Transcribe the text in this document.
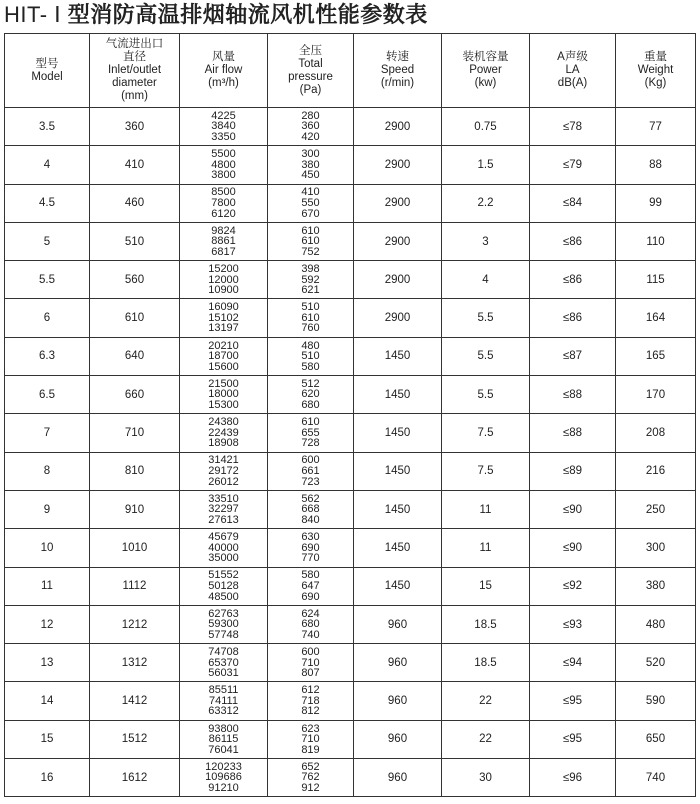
HIT- Ⅰ 型消防高温排烟轴流风机性能参数表
型号
Model	气流进出口
直径
Inlet/outlet
diameter
(mm)	风量
Air flow
(m³/h)	全压
Total
pressure
(Pa)	转速
Speed
(r/min)	装机容量
Power
(kw)	A声级
LA
dB(A)	重量
Weight
(Kg)

3.5	360	4225
3840
3350	280
360
420	2900	0.75	≤78	77
4	410	5500
4800
3800	300
380
450	2900	1.5	≤79	88
4.5	460	8500
7800
6120	410
550
670	2900	2.2	≤84	99
5	510	9824
8861
6817	610
610
752	2900	3	≤86	110
5.5	560	15200
12000
10900	398
592
621	2900	4	≤86	115
6	610	16090
15102
13197	510
610
760	2900	5.5	≤86	164
6.3	640	20210
18700
15600	480
510
580	1450	5.5	≤87	165
6.5	660	21500
18000
15300	512
620
680	1450	5.5	≤88	170
7	710	24380
22439
18908	610
655
728	1450	7.5	≤88	208
8	810	31421
29172
26012	600
661
723	1450	7.5	≤89	216
9	910	33510
32297
27613	562
668
840	1450	11	≤90	250
10	1010	45679
40000
35000	630
690
770	1450	11	≤90	300
11	1112	51552
50128
48500	580
647
690	1450	15	≤92	380
12	1212	62763
59300
57748	624
680
740	960	18.5	≤93	480
13	1312	74708
65370
56031	600
710
807	960	18.5	≤94	520
14	1412	85511
74111
63312	612
718
812	960	22	≤95	590
15	1512	93800
86115
76041	623
710
819	960	22	≤95	650
16	1612	120233
109686
91210	652
762
912	960	30	≤96	740
